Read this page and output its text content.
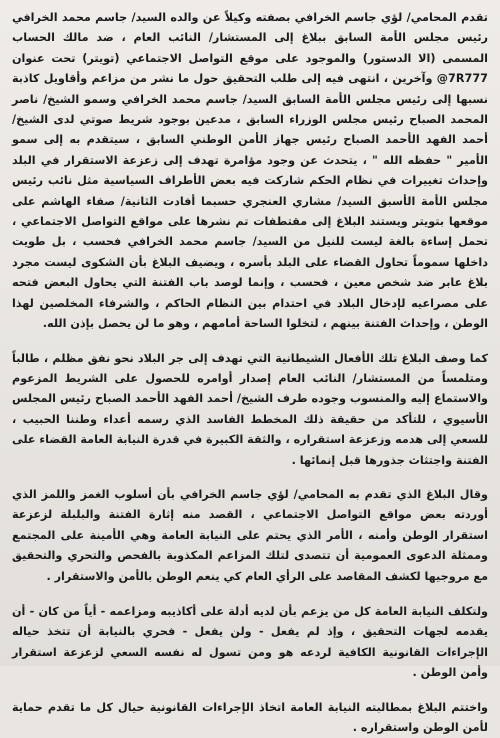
تقدم المحامي/ لؤي جاسم الخرافي بصفته وكيلاً عن والده السيد/ جاسم محمد الخرافي رئيس مجلس الأمة السابق ببلاغ إلى المستشار/ النائب العام ، ضد مالك الحساب المسمى (الا الدستور) والموجود على موقع التواصل الاجتماعي (تويتر) تحت عنوان 7R777@ وآخرين ، انتهى فيه إلى طلب التحقيق حول ما نشر من مزاعم وأقاويل كاذبة نسبها إلى رئيس مجلس الأمة السابق السيد/ جاسم محمد الخرافي وسمو الشيخ/ ناصر المحمد الصباح رئيس مجلس الوزراء السابق ، مدعين بوجود شريط صوتي لدى الشيخ/ أحمد الفهد الأحمد الصباح رئيس جهاز الأمن الوطني السابق ، سيتقدم به إلى سمو الأمير " حفظه الله " ، يتحدث عن وجود مؤامرة تهدف إلى زعزعة الاستقرار في البلد وإحداث تغييرات في نظام الحكم شاركت فيه بعض الأطراف السياسية مثل نائب رئيس مجلس الأمة الأسبق السيد/ مشاري العنجري حسبما أفادت الثانية/ صفاء الهاشم على موقعها بتويتر ويستند البلاغ إلى مقتطفات تم نشرها على مواقع التواصل الاجتماعي ، تحمل إساءة بالغة ليست للنيل من السيد/ جاسم محمد الخرافي فحسب ، بل طويت داخلها سموماً تحاول القضاء على البلد بأسره ، ويضيف البلاغ بأن الشكوى ليست مجرد بلاغ عابر ضد شخص معين ، فحسب ، وإنما لوصد باب الفتنة التي يحاول البعض فتحه على مصراعيه لإدخال البلاد في احتدام بين النظام الحاكم ، والشرفاء المخلصين لهذا الوطن ، وإحداث الفتنة بينهم ، لتخلوا الساحة أمامهم ، وهو ما لن يحصل بإذن الله.

كما وصف البلاغ تلك الأفعال الشيطانية التي تهدف إلى جر البلاد نحو نفق مظلم ، طالباً ومتلمساً من المستشار/ النائب العام إصدار أوامره للحصول على الشريط المزعوم والاستماع إليه والمنسوب وجوده طرف الشيخ/ أحمد الفهد الأحمد الصباح رئيس المجلس الأسيوي ، للتأكد من حقيقة ذلك المخطط الفاسد الذي رسمه أعداء وطننا الحبيب ، للسعي إلى هدمه وزعزعة استقراره ، والثقة الكبيرة في قدرة النيابة العامة القضاء على الفتنة واجتثاث جذورها قبل إنمائها .

وقال البلاغ الذي تقدم به المحامي/ لؤي جاسم الخرافي بأن أسلوب الغمز واللمز الذي أوردته بعض مواقع التواصل الاجتماعي ، القصد منه إثارة الفتنة والبلبلة لزعزعة استقرار الوطن وأمنه ، الأمر الذي يحتم على النيابة العامة وهي الأمينة على المجتمع وممثلة الدعوى العمومية أن تتصدى لتلك المزاعم المكذوبة بالفحص والتحري والتحقيق مع مروجيها لكشف المقاصد على الرأي العام كي ينعم الوطن بالأمن والاستقرار .

ولتكلف النيابة العامة كل من يزعم بأن لديه أدلة على أكاذيبه ومزاعمه - أياً من كان - أن يقدمه لجهات التحقيق ، وإذ لم يفعل - ولن يفعل - فحري بالنيابة أن تتخذ حياله الإجراءات القانونية الكافية لردعه هو ومن تسول له نفسه السعي لزعزعة استقرار وأمن الوطن .

واختتم البلاغ بمطالبته النيابة العامة اتخاذ الإجراءات القانونية حيال كل ما تقدم حماية لأمن الوطن واستقراره .
